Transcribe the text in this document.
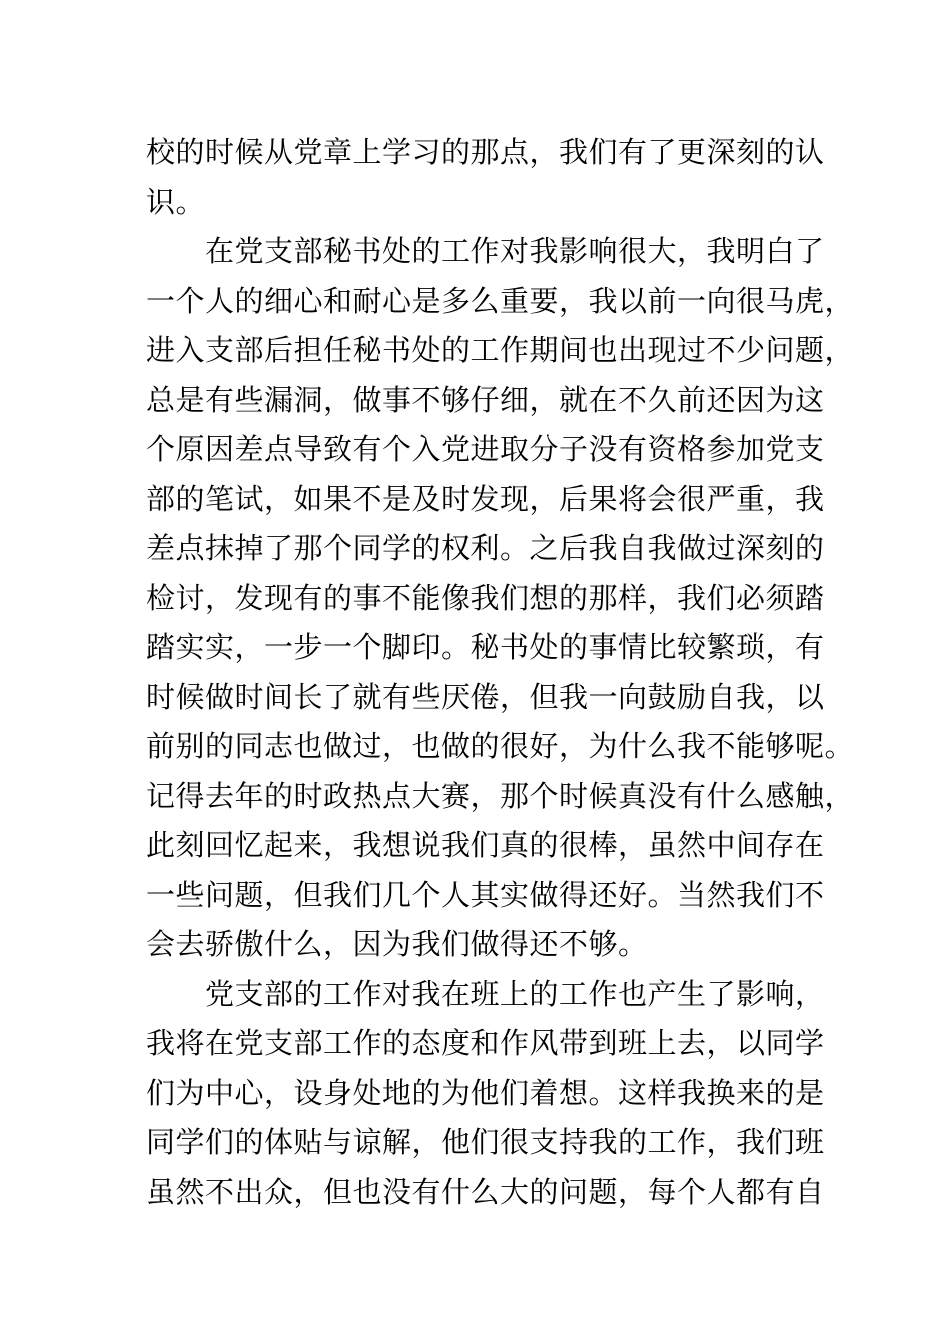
校的时候从党章上学习的那点，我们有了更深刻的认
识。
　　在党支部秘书处的工作对我影响很大，我明白了
一个人的细心和耐心是多么重要，我以前一向很马虎，
进入支部后担任秘书处的工作期间也出现过不少问题，
总是有些漏洞，做事不够仔细，就在不久前还因为这
个原因差点导致有个入党进取分子没有资格参加党支
部的笔试，如果不是及时发现，后果将会很严重，我
差点抹掉了那个同学的权利。之后我自我做过深刻的
检讨，发现有的事不能像我们想的那样，我们必须踏
踏实实，一步一个脚印。秘书处的事情比较繁琐，有
时候做时间长了就有些厌倦，但我一向鼓励自我，以
前别的同志也做过，也做的很好，为什么我不能够呢。
记得去年的时政热点大赛，那个时候真没有什么感触，
此刻回忆起来，我想说我们真的很棒，虽然中间存在
一些问题，但我们几个人其实做得还好。当然我们不
会去骄傲什么，因为我们做得还不够。
　　党支部的工作对我在班上的工作也产生了影响，
我将在党支部工作的态度和作风带到班上去，以同学
们为中心，设身处地的为他们着想。这样我换来的是
同学们的体贴与谅解，他们很支持我的工作，我们班
虽然不出众，但也没有什么大的问题，每个人都有自
